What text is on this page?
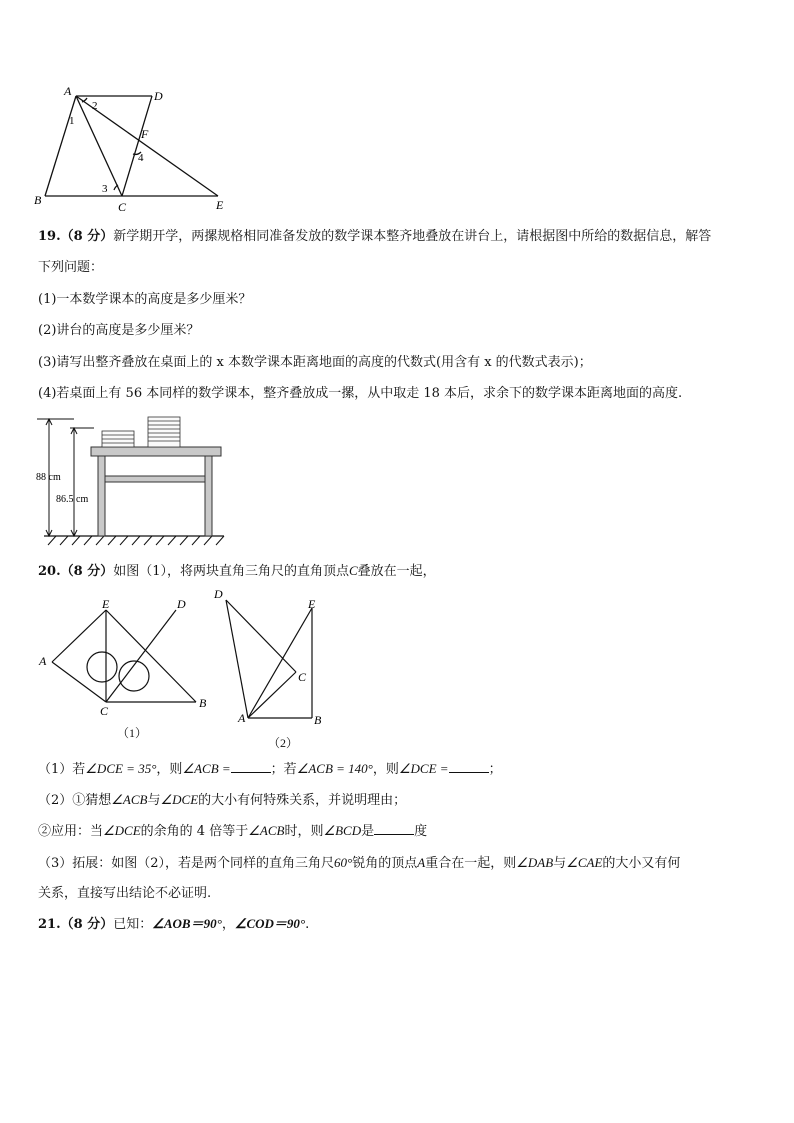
A
B	C
D
E
F
1
2
3
4
19.（8 分）新学期开学，两摞规格相同准备发放的数学课本整齐地叠放在讲台上，请根据图中所给的数据信息，解答
下列问题：
(1)一本数学课本的高度是多少厘米？
(2)讲台的高度是多少厘米？
(3)请写出整齐叠放在桌面上的 x 本数学课本距离地面的高度的代数式(用含有 x 的代数式表示)；
(4)若桌面上有 56 本同样的数学课本，整齐叠放成一摞，从中取走 18 本后，求余下的数学课本距离地面的高度.
88 cm
86.5 cm
20.（8 分）如图（1），将两块直角三角尺的直角顶点C叠放在一起，
A
B
C
D
E
（1）
A	B
C
D
E
（2）
（1）若∠DCE = 35°，则∠ACB =	；若∠ACB = 140°，则∠DCE =	；
（2）①猜想∠ACB与∠DCE的大小有何特殊关系，并说明理由；
②应用：当∠DCE的余角的 4 倍等于∠ACB时，则∠BCD是	度
（3）拓展：如图（2），若是两个同样的直角三角尺60°锐角的顶点A重合在一起，则∠DAB与∠CAE的大小又有何
关系，直接写出结论不必证明.
21.（8 分）已知：∠AOB＝90°，∠COD＝90°.
